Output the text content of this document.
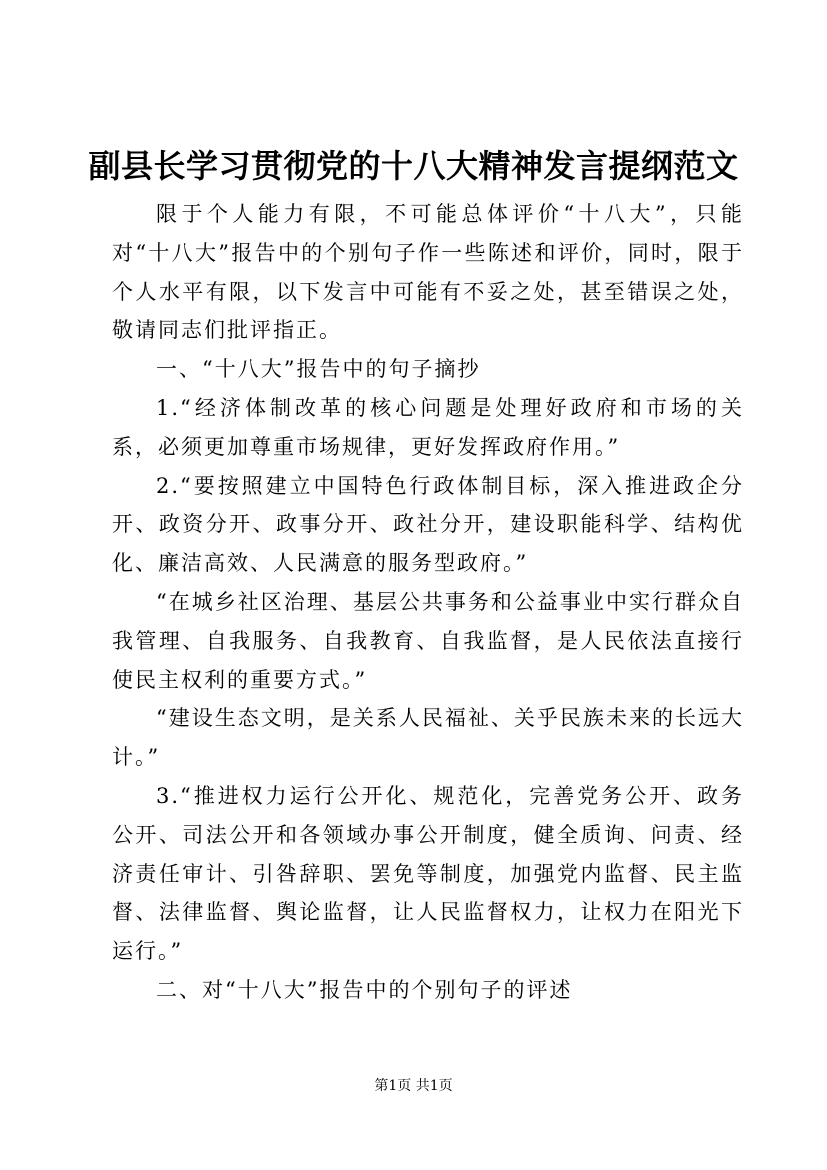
副县长学习贯彻党的十八大精神发言提纲范文

限于个人能力有限，不可能总体评价“十八大”，只能对“十八大”报告中的个别句子作一些陈述和评价，同时，限于个人水平有限，以下发言中可能有不妥之处，甚至错误之处，敬请同志们批评指正。

一、“十八大”报告中的句子摘抄

1.“经济体制改革的核心问题是处理好政府和市场的关系，必须更加尊重市场规律，更好发挥政府作用。”

2.“要按照建立中国特色行政体制目标，深入推进政企分开、政资分开、政事分开、政社分开，建设职能科学、结构优化、廉洁高效、人民满意的服务型政府。”

“在城乡社区治理、基层公共事务和公益事业中实行群众自我管理、自我服务、自我教育、自我监督，是人民依法直接行使民主权利的重要方式。”

“建设生态文明，是关系人民福祉、关乎民族未来的长远大计。”

3.“推进权力运行公开化、规范化，完善党务公开、政务公开、司法公开和各领域办事公开制度，健全质询、问责、经济责任审计、引咎辞职、罢免等制度，加强党内监督、民主监督、法律监督、舆论监督，让人民监督权力，让权力在阳光下运行。”

二、对“十八大”报告中的个别句子的评述

第1页 共1页
